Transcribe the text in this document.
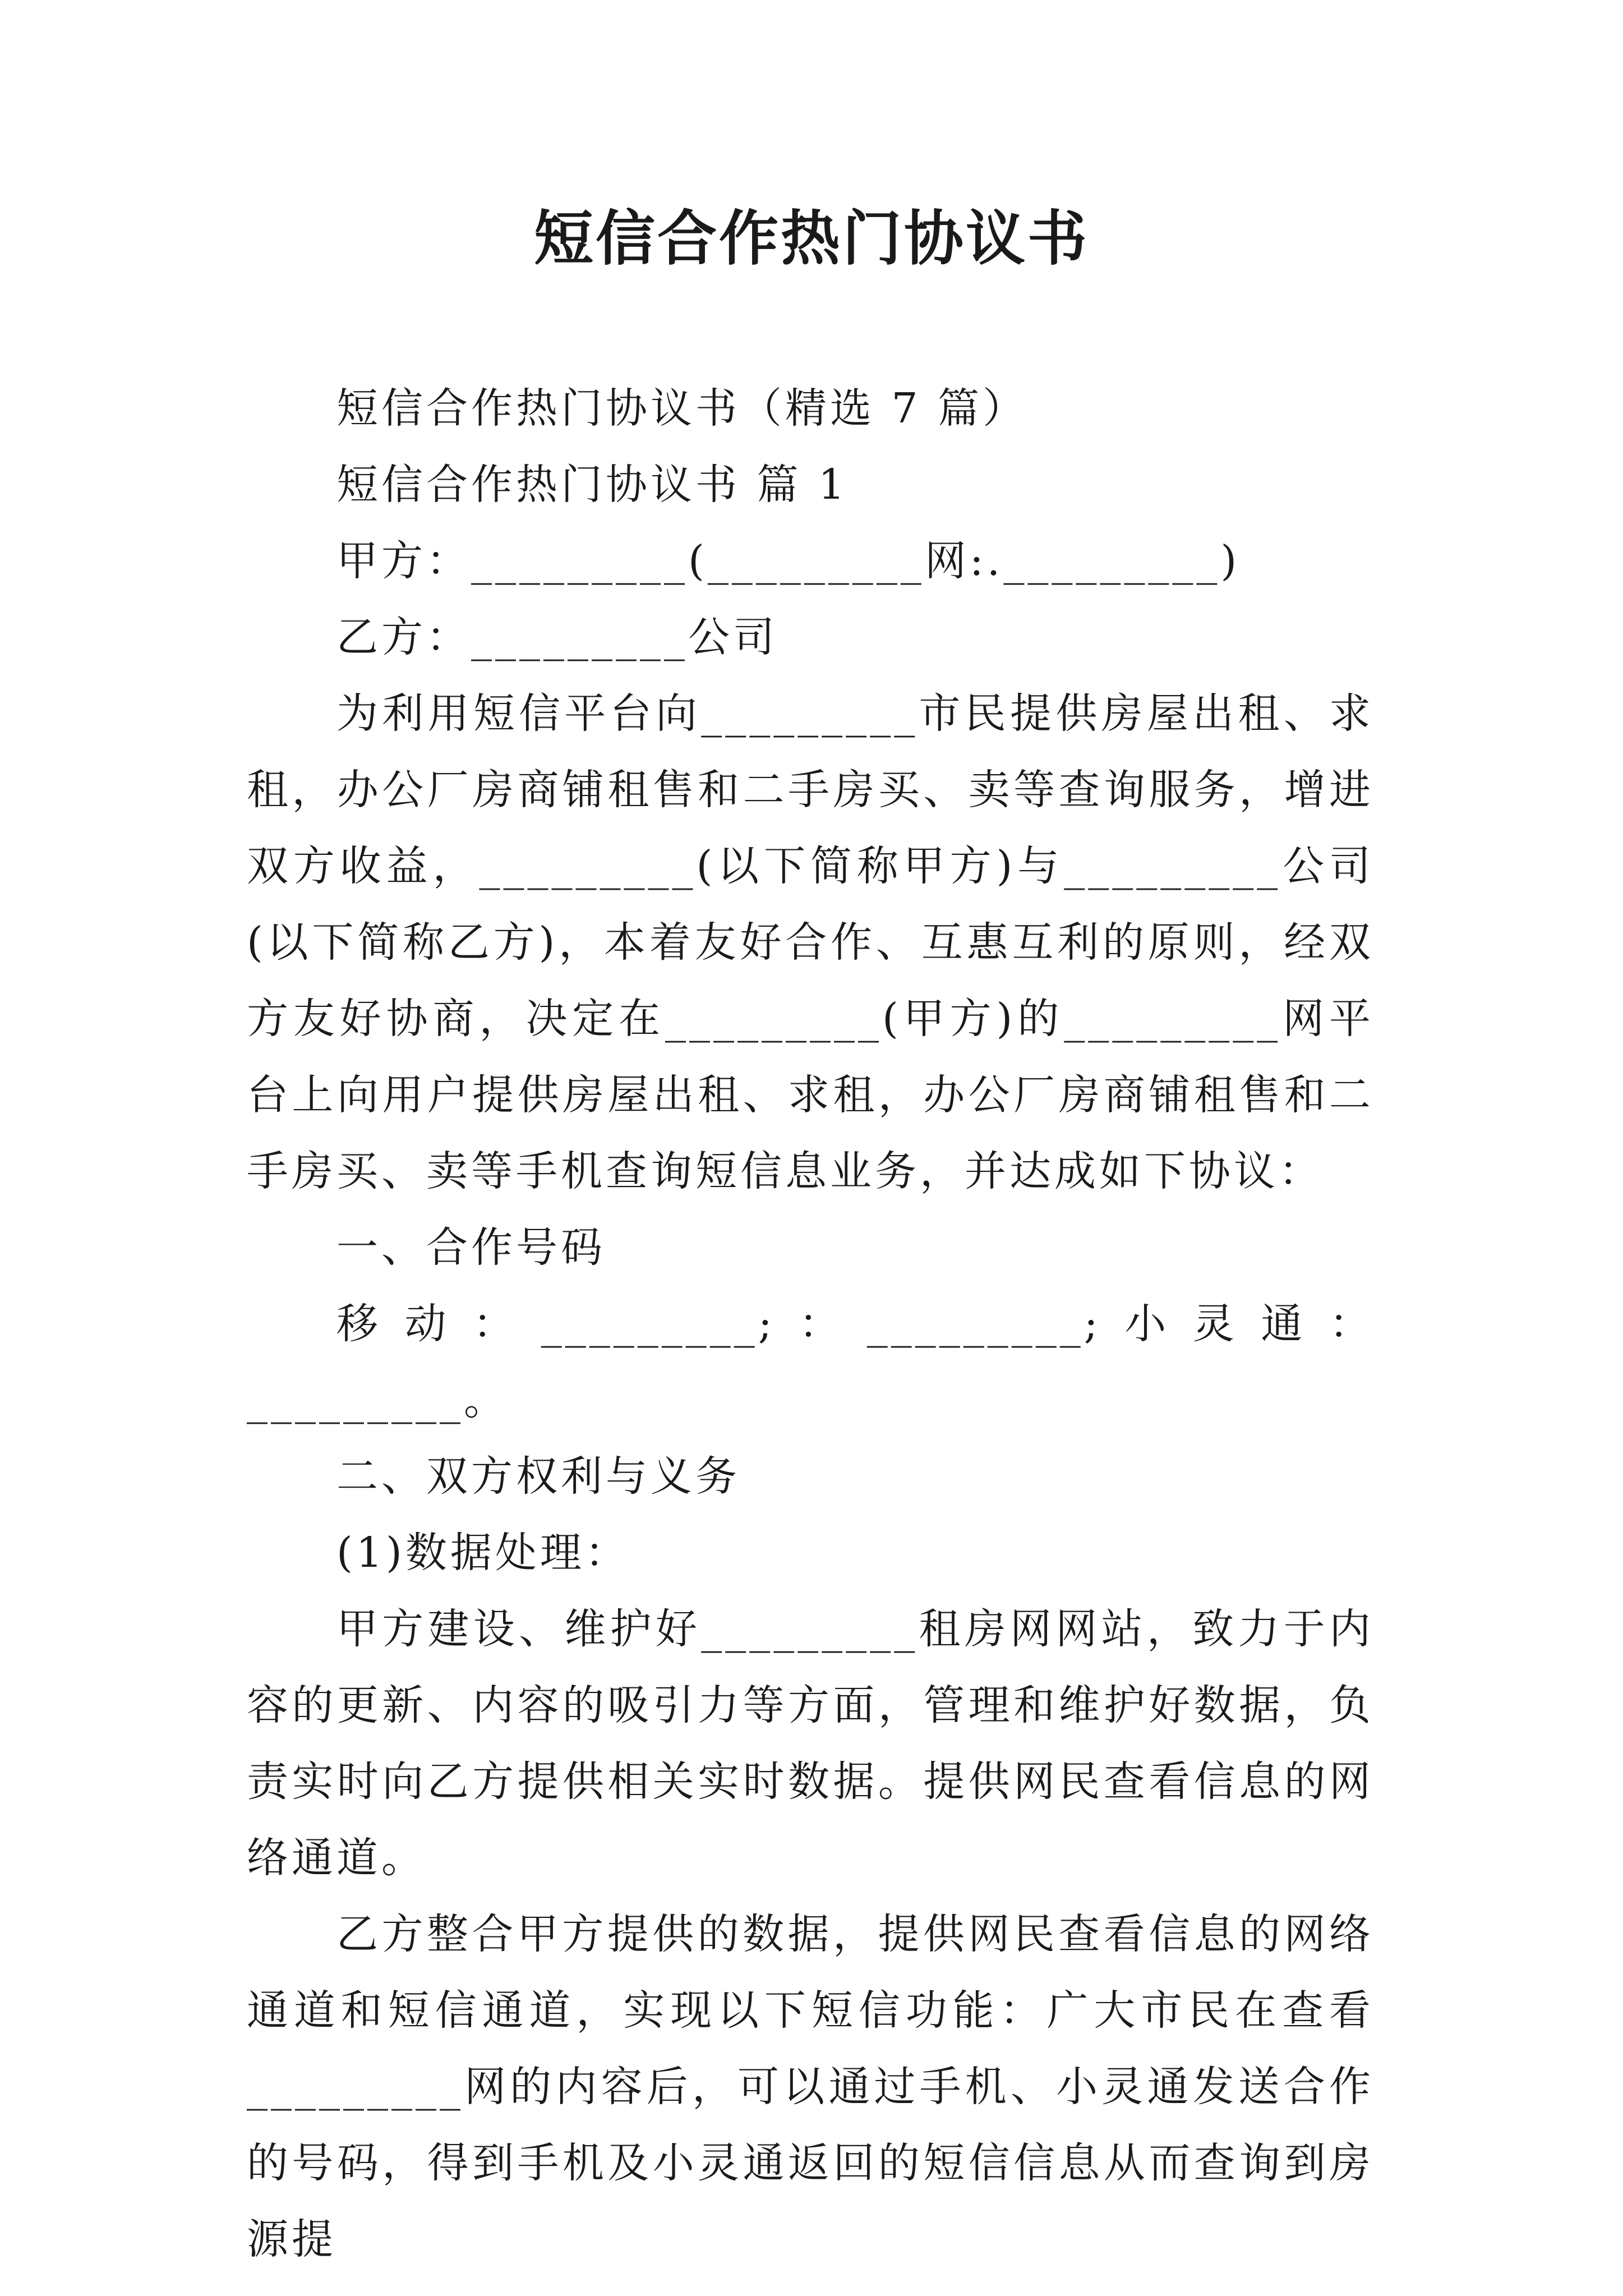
短信合作热门协议书

短信合作热门协议书（精选 7 篇）

短信合作热门协议书 篇 1

甲方：_________(_________网:._________)

乙方：_________公司

为利用短信平台向_________市民提供房屋出租、求租，办公厂房商铺租售和二手房买、卖等查询服务，增进双方收益，_________(以下简称甲方)与_________公司(以下简称乙方)，本着友好合作、互惠互利的原则，经双方友好协商，决定在_________(甲方)的_________网平台上向用户提供房屋出租、求租，办公厂房商铺租售和二手房买、卖等手机查询短信息业务，并达成如下协议：

一、合作号码

移动：_________;：_________;小灵通：_________。

二、双方权利与义务

(1)数据处理：

甲方建设、维护好_________租房网网站，致力于内容的更新、内容的吸引力等方面，管理和维护好数据，负责实时向乙方提供相关实时数据。提供网民查看信息的网络通道。

乙方整合甲方提供的数据，提供网民查看信息的网络通道和短信通道，实现以下短信功能：广大市民在查看_________网的内容后，可以通过手机、小灵通发送合作的号码，得到手机及小灵通返回的短信信息从而查询到房源提
